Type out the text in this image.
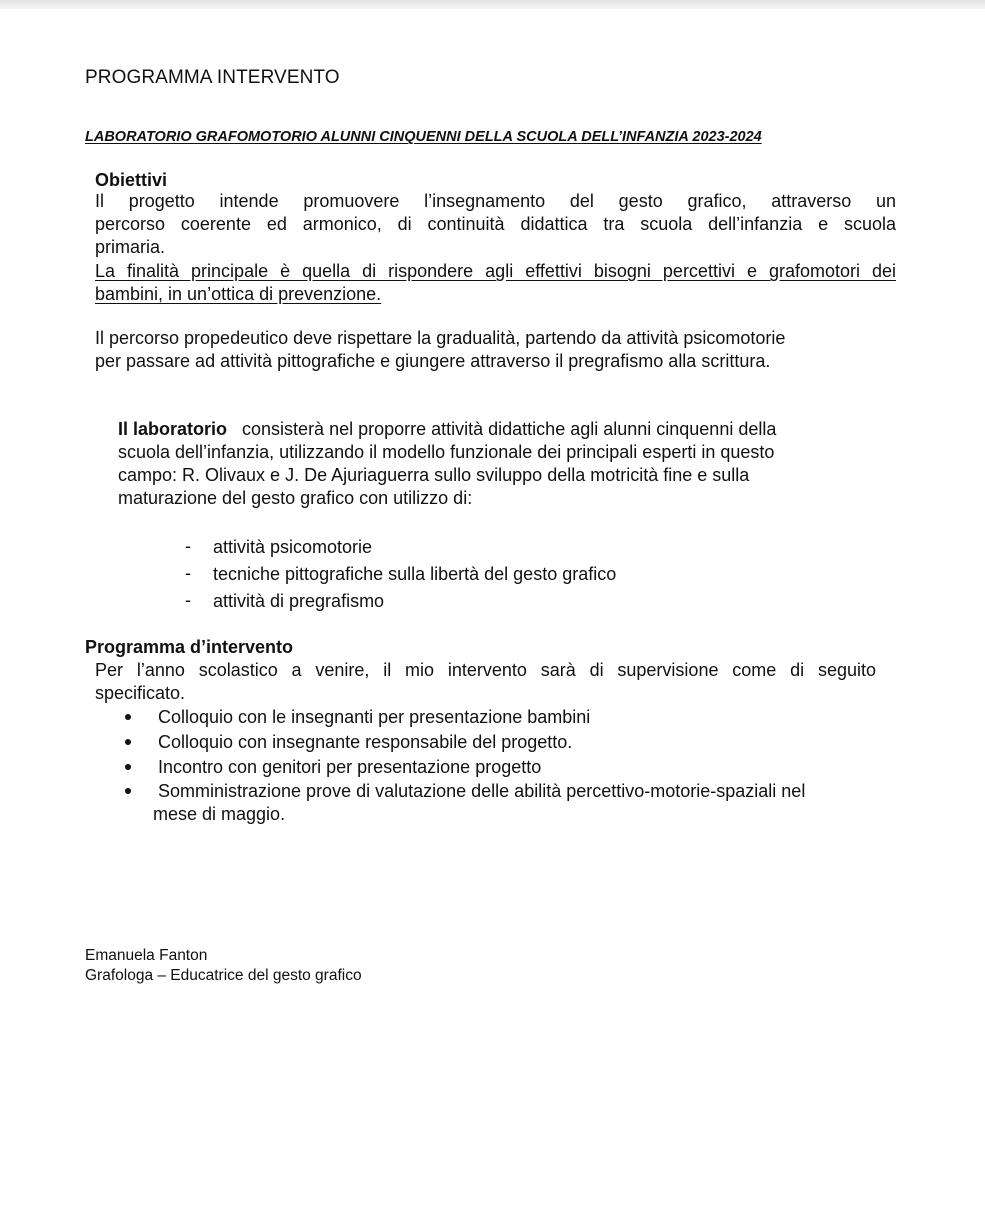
PROGRAMMA INTERVENTO
LABORATORIO GRAFOMOTORIO ALUNNI CINQUENNI DELLA SCUOLA DELL’INFANZIA 2023-2024
Obiettivi
Il progetto intende promuovere l’insegnamento del gesto grafico, attraverso un
percorso coerente ed armonico, di continuità didattica tra scuola dell’infanzia e scuola
primaria.
La finalità principale è quella di rispondere agli effettivi bisogni percettivi e grafomotori dei
bambini, in un’ottica di prevenzione.
Il percorso propedeutico deve rispettare la gradualità, partendo da attività psicomotorie
per passare ad attività pittografiche e giungere attraverso il pregrafismo alla scrittura.
Il laboratorio consisterà nel proporre attività didattiche agli alunni cinquenni della
scuola dell’infanzia, utilizzando il modello funzionale dei principali esperti in questo
campo: R. Olivaux e J. De Ajuriaguerra sullo sviluppo della motricità fine e sulla
maturazione del gesto grafico con utilizzo di:
- attività psicomotorie
- tecniche pittografiche sulla libertà del gesto grafico
- attività di pregrafismo
Programma d’intervento
Per l’anno scolastico a venire, il mio intervento sarà di supervisione come di seguito
specificato.
Colloquio con le insegnanti per presentazione bambini
Colloquio con insegnante responsabile del progetto.
Incontro con genitori per presentazione progetto
Somministrazione prove di valutazione delle abilità percettivo-motorie-spaziali nel
mese di maggio.
Emanuela Fanton
Grafologa – Educatrice del gesto grafico
